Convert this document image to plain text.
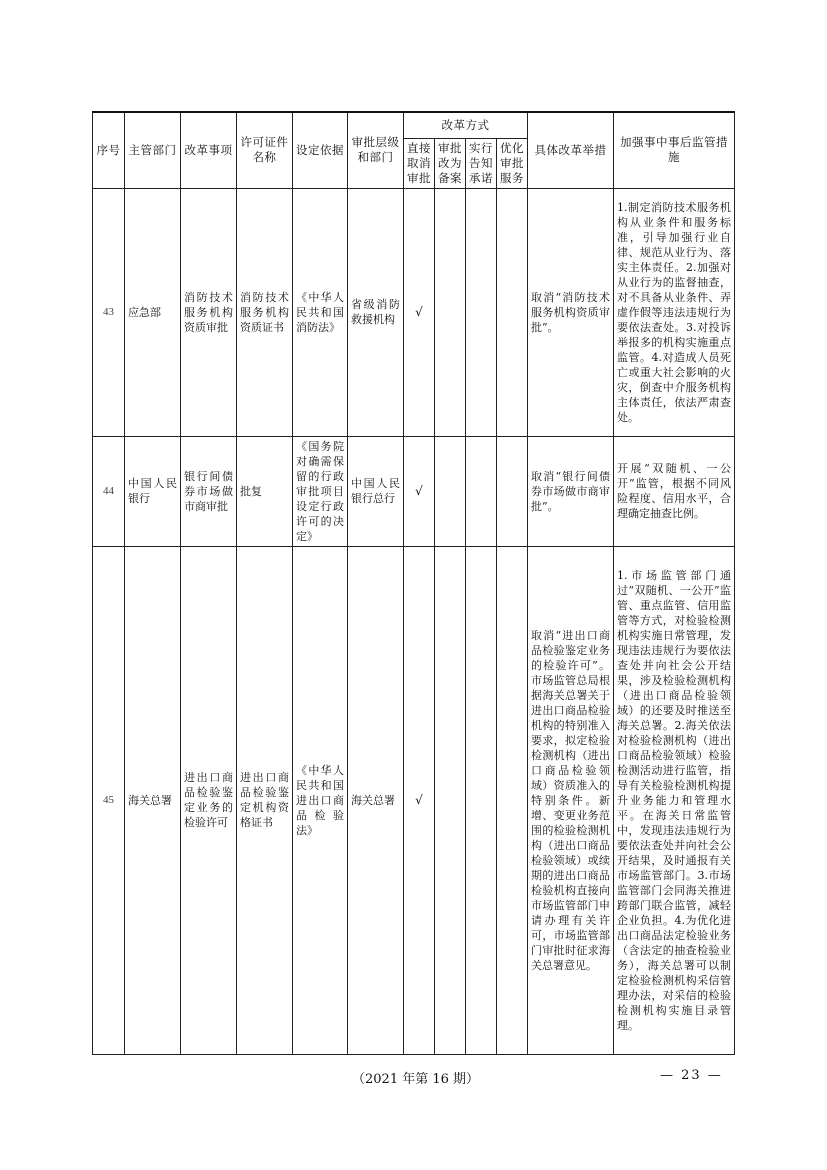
序号	主管部门	改革事项	许可证件名称	设定依据	审批层级和部门	改革方式				具体改革举措	加强事中事后监管措施
						直接取消审批	审批改为备案	实行告知承诺	优化审批服务		
43	应急部	消防技术服务机构资质审批	消防技术服务机构资质证书	《中华人民共和国消防法》	省级消防救援机构	√				取消“消防技术服务机构资质审批”。	1.制定消防技术服务机构从业条件和服务标准，引导加强行业自律、规范从业行为、落实主体责任。2.加强对从业行为的监督抽查，对不具备从业条件、弄虚作假等违法违规行为要依法查处。3.对投诉举报多的机构实施重点监管。4.对造成人员死亡或重大社会影响的火灾，倒查中介服务机构主体责任，依法严肃查处。
44	中国人民银行	银行间债券市场做市商审批	批复	《国务院对确需保留的行政审批项目设定行政许可的决定》	中国人民银行总行	√				取消“银行间债券市场做市商审批”。	开展“双随机、一公开”监管，根据不同风险程度、信用水平，合理确定抽查比例。
45	海关总署	进出口商品检验鉴定业务的检验许可	进出口商品检验鉴定机构资格证书	《中华人民共和国进出口商品检验法》	海关总署	√				取消“进出口商品检验鉴定业务的检验许可”。市场监管总局根据海关总署关于进出口商品检验机构的特别准入要求，拟定检验检测机构（进出口商品检验领域）资质准入的特别条件。新增、变更业务范围的检验检测机构（进出口商品检验领域）或续期的进出口商品检验机构直接向市场监管部门申请办理有关许可，市场监管部门审批时征求海关总署意见。	1.市场监管部门通过“双随机、一公开”监管、重点监管、信用监管等方式，对检验检测机构实施日常管理，发现违法违规行为要依法查处并向社会公开结果，涉及检验检测机构（进出口商品检验领域）的还要及时推送至海关总署。2.海关依法对检验检测机构（进出口商品检验领域）检验检测活动进行监管，指导有关检验检测机构提升业务能力和管理水平。在海关日常监管中，发现违法违规行为要依法查处并向社会公开结果，及时通报有关市场监管部门。3.市场监管部门会同海关推进跨部门联合监管，减轻企业负担。4.为优化进出口商品法定检验业务（含法定的抽查检验业务），海关总署可以制定检验检测机构采信管理办法，对采信的检验检测机构实施目录管理。
（2021 年第 16 期）	— 23 —
